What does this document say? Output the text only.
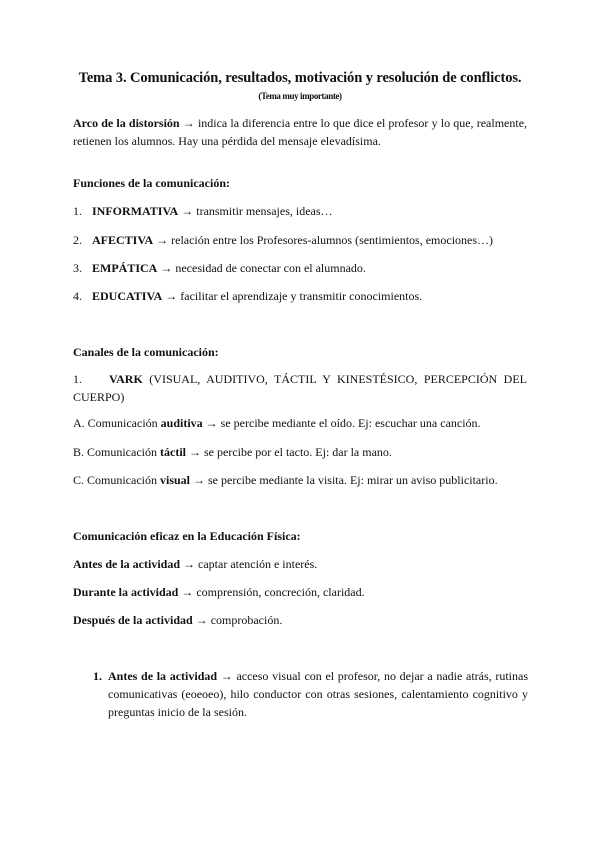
Tema 3. Comunicación, resultados, motivación y resolución de conflictos.
(Tema muy importante)
Arco de la distorsión → indica la diferencia entre lo que dice el profesor y lo que, realmente, retienen los alumnos. Hay una pérdida del mensaje elevadísima.
Funciones de la comunicación:
1. INFORMATIVA → transmitir mensajes, ideas…
2. AFECTIVA → relación entre los Profesores-alumnos (sentimientos, emociones…)
3. EMPÁTICA → necesidad de conectar con el alumnado.
4. EDUCATIVA → facilitar el aprendizaje y transmitir conocimientos.
Canales de la comunicación:
1. VARK (VISUAL, AUDITIVO, TÁCTIL Y KINESTÉSICO, PERCEPCIÓN DEL CUERPO)
A. Comunicación auditiva → se percibe mediante el oído. Ej: escuchar una canción.
B. Comunicación táctil → se percibe por el tacto. Ej: dar la mano.
C. Comunicación visual → se percibe mediante la visita. Ej: mirar un aviso publicitario.
Comunicación eficaz en la Educación Física:
Antes de la actividad → captar atención e interés.
Durante la actividad → comprensión, concreción, claridad.
Después de la actividad → comprobación.
1. Antes de la actividad → acceso visual con el profesor, no dejar a nadie atrás, rutinas comunicativas (eoeoeo), hilo conductor con otras sesiones, calentamiento cognitivo y preguntas inicio de la sesión.
